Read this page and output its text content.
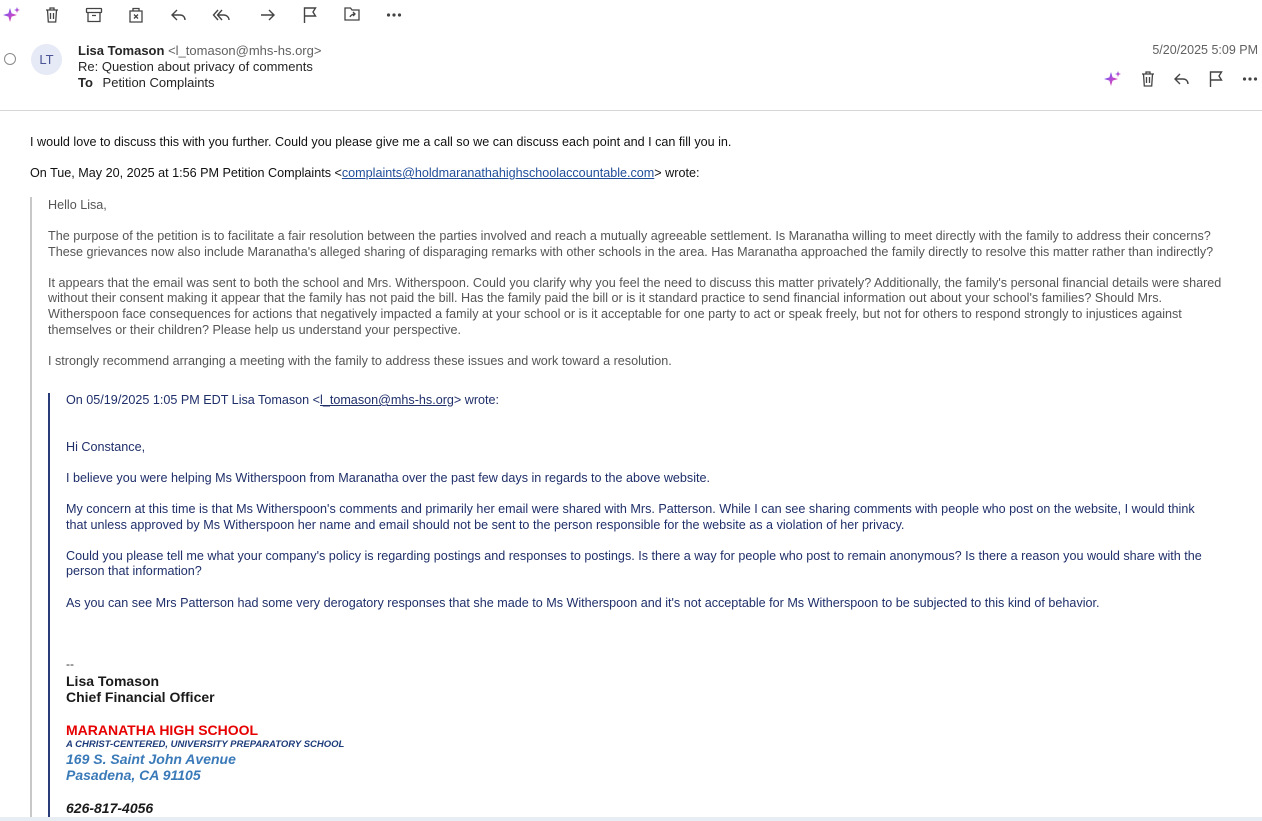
LT
Lisa Tomason <l_tomason@mhs-hs.org>
Re: Question about privacy of comments
To Petition Complaints
5/20/2025 5:09 PM
I would love to discuss this with you further. Could you please give me a call so we can discuss each point and I can fill you in.
On Tue, May 20, 2025 at 1:56 PM Petition Complaints <complaints@holdmaranathahighschoolaccountable.com> wrote:
Hello Lisa,
The purpose of the petition is to facilitate a fair resolution between the parties involved and reach a mutually agreeable settlement. Is Maranatha willing to meet directly with the family to address their concerns?
These grievances now also include Maranatha's alleged sharing of disparaging remarks with other schools in the area. Has Maranatha approached the family directly to resolve this matter rather than indirectly?
It appears that the email was sent to both the school and Mrs. Witherspoon. Could you clarify why you feel the need to discuss this matter privately? Additionally, the family's personal financial details were shared
without their consent making it appear that the family has not paid the bill. Has the family paid the bill or is it standard practice to send financial information out about your school's families? Should Mrs.
Witherspoon face consequences for actions that negatively impacted a family at your school or is it acceptable for one party to act or speak freely, but not for others to respond strongly to injustices against
themselves or their children? Please help us understand your perspective.
I strongly recommend arranging a meeting with the family to address these issues and work toward a resolution.
On 05/19/2025 1:05 PM EDT Lisa Tomason <l_tomason@mhs-hs.org> wrote:
Hi Constance,
I believe you were helping Ms Witherspoon from Maranatha over the past few days in regards to the above website.
My concern at this time is that Ms Witherspoon's comments and primarily her email were shared with Mrs. Patterson. While I can see sharing comments with people who post on the website, I would think
that unless approved by Ms Witherspoon her name and email should not be sent to the person responsible for the website as a violation of her privacy.
Could you please tell me what your company's policy is regarding postings and responses to postings. Is there a way for people who post to remain anonymous? Is there a reason you would share with the
person that information?
As you can see Mrs Patterson had some very derogatory responses that she made to Ms Witherspoon and it's not acceptable for Ms Witherspoon to be subjected to this kind of behavior.
--
Lisa Tomason
Chief Financial Officer
MARANATHA HIGH SCHOOL
A CHRIST-CENTERED, UNIVERSITY PREPARATORY SCHOOL
169 S. Saint John Avenue
Pasadena, CA 91105
626-817-4056
